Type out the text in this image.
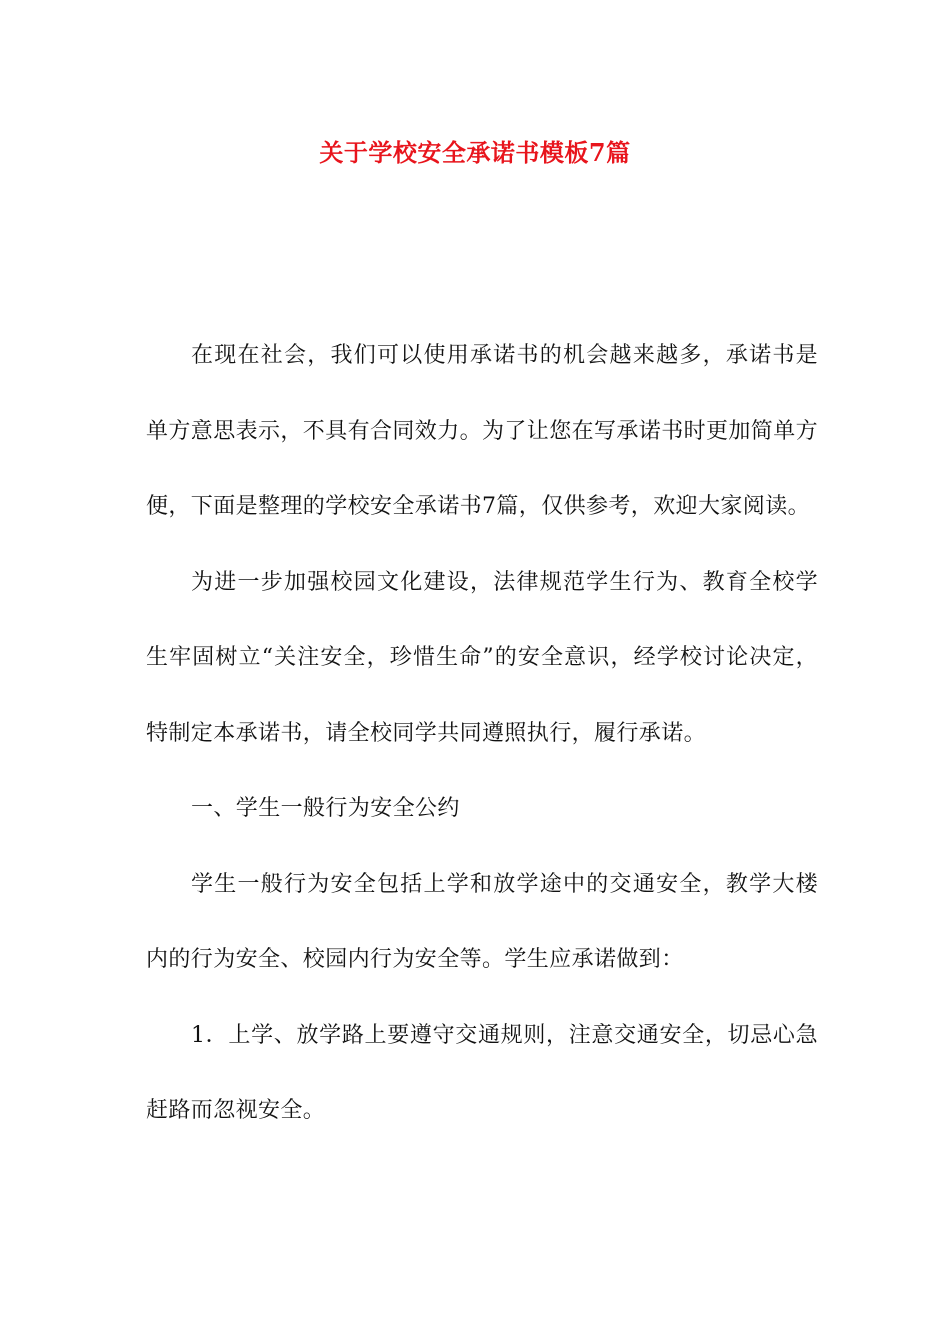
关于学校安全承诺书模板7篇

在现在社会，我们可以使用承诺书的机会越来越多，承诺书是单方意思表示，不具有合同效力。为了让您在写承诺书时更加简单方便，下面是整理的学校安全承诺书7篇，仅供参考，欢迎大家阅读。

为进一步加强校园文化建设，法律规范学生行为、教育全校学生牢固树立“关注安全，珍惜生命”的安全意识，经学校讨论决定，特制定本承诺书，请全校同学共同遵照执行，履行承诺。

一、学生一般行为安全公约

学生一般行为安全包括上学和放学途中的交通安全，教学大楼内的行为安全、校园内行为安全等。学生应承诺做到：

1．上学、放学路上要遵守交通规则，注意交通安全，切忌心急赶路而忽视安全。
